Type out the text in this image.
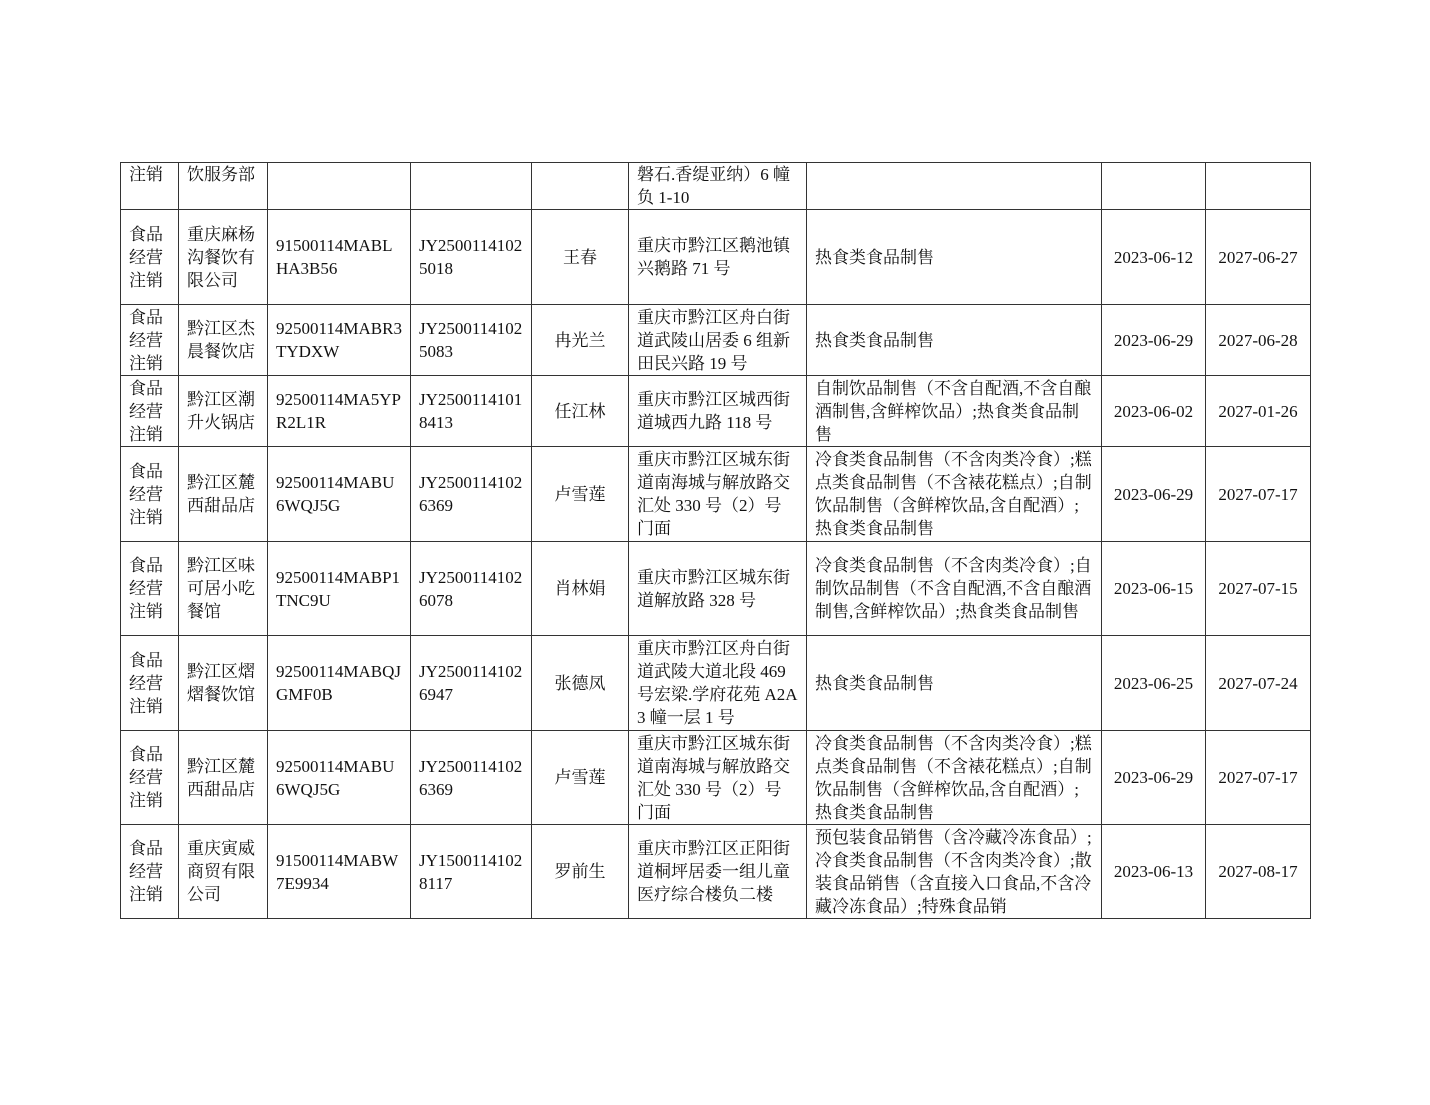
注销	饮服务部				磐石.香缇亚纳）6 幢负 1-10			
食品经营注销	重庆麻杨沟餐饮有限公司	91500114MABLHA3B56	JY25001141025018	王春	重庆市黔江区鹅池镇兴鹅路 71 号	热食类食品制售	2023-06-12	2027-06-27
食品经营注销	黔江区杰晨餐饮店	92500114MABR3TYDXW	JY25001141025083	冉光兰	重庆市黔江区舟白街道武陵山居委 6 组新田民兴路 19 号	热食类食品制售	2023-06-29	2027-06-28
食品经营注销	黔江区潮升火锅店	92500114MA5YPR2L1R	JY25001141018413	任江林	重庆市黔江区城西街道城西九路 118 号	自制饮品制售（不含自配酒,不含自酿酒制售,含鲜榨饮品）;热食类食品制售	2023-06-02	2027-01-26
食品经营注销	黔江区麓西甜品店	92500114MABU6WQJ5G	JY25001141026369	卢雪莲	重庆市黔江区城东街道南海城与解放路交汇处 330 号（2）号门面	冷食类食品制售（不含肉类冷食）;糕点类食品制售（不含裱花糕点）;自制饮品制售（含鲜榨饮品,含自配酒）;热食类食品制售	2023-06-29	2027-07-17
食品经营注销	黔江区味可居小吃餐馆	92500114MABP1TNC9U	JY25001141026078	肖林娟	重庆市黔江区城东街道解放路 328 号	冷食类食品制售（不含肉类冷食）;自制饮品制售（不含自配酒,不含自酿酒制售,含鲜榨饮品）;热食类食品制售	2023-06-15	2027-07-15
食品经营注销	黔江区熠熠餐饮馆	92500114MABQJGMF0B	JY25001141026947	张德凤	重庆市黔江区舟白街道武陵大道北段 469 号宏梁.学府花苑 A2A3 幢一层 1 号	热食类食品制售	2023-06-25	2027-07-24
食品经营注销	黔江区麓西甜品店	92500114MABU6WQJ5G	JY25001141026369	卢雪莲	重庆市黔江区城东街道南海城与解放路交汇处 330 号（2）号门面	冷食类食品制售（不含肉类冷食）;糕点类食品制售（不含裱花糕点）;自制饮品制售（含鲜榨饮品,含自配酒）;热食类食品制售	2023-06-29	2027-07-17
食品经营注销	重庆寅威商贸有限公司	91500114MABW7E9934	JY15001141028117	罗前生	重庆市黔江区正阳街道桐坪居委一组儿童医疗综合楼负二楼	预包装食品销售（含冷藏冷冻食品）;冷食类食品制售（不含肉类冷食）;散装食品销售（含直接入口食品,不含冷藏冷冻食品）;特殊食品销	2023-06-13	2027-08-17
